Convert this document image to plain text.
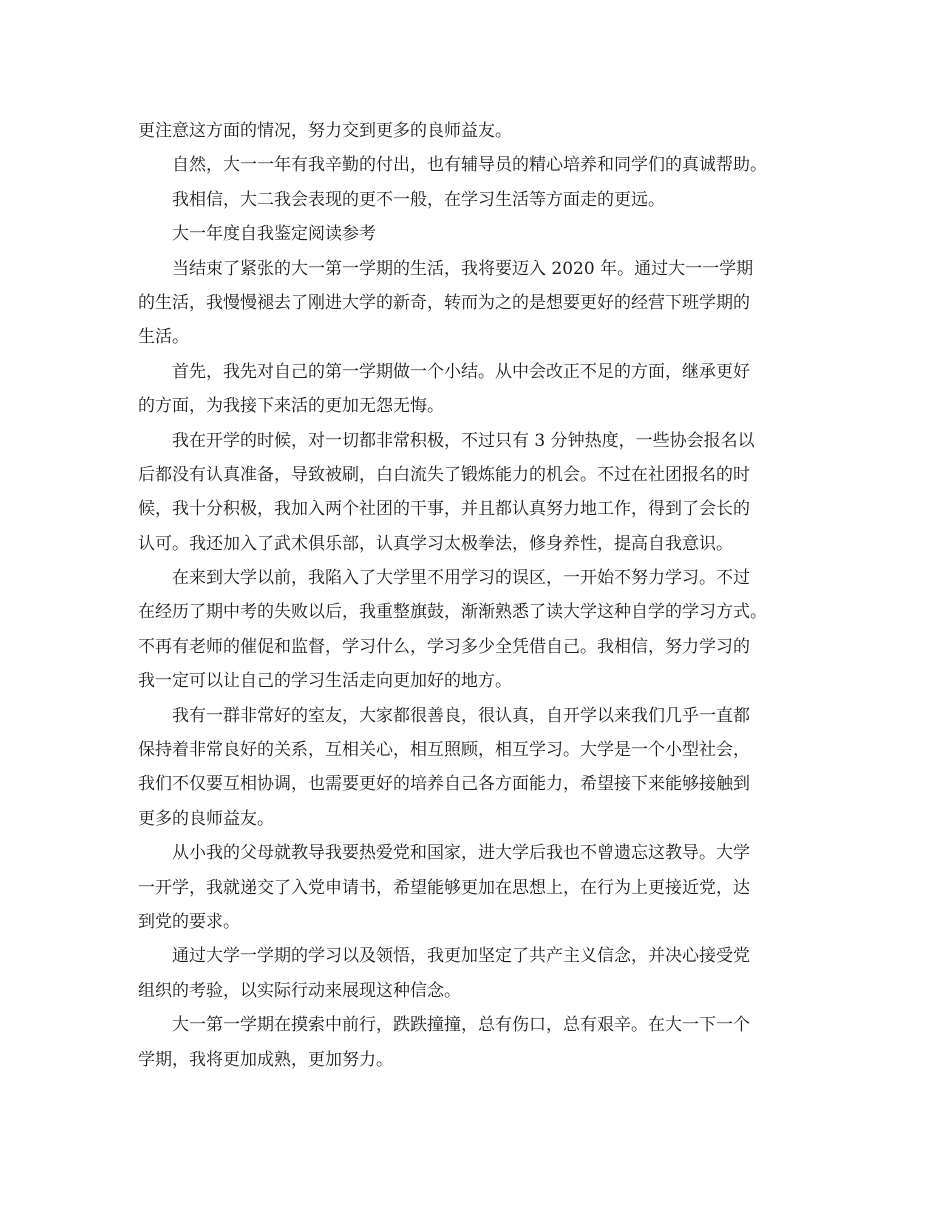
更注意这方面的情况，努力交到更多的良师益友。

自然，大一一年有我辛勤的付出，也有辅导员的精心培养和同学们的真诚帮助。

我相信，大二我会表现的更不一般，在学习生活等方面走的更远。

大一年度自我鉴定阅读参考

当结束了紧张的大一第一学期的生活，我将要迈入 2020 年。通过大一一学期

的生活，我慢慢褪去了刚进大学的新奇，转而为之的是想要更好的经营下班学期的

生活。

首先，我先对自己的第一学期做一个小结。从中会改正不足的方面，继承更好

的方面，为我接下来活的更加无怨无悔。

我在开学的时候，对一切都非常积极，不过只有 3 分钟热度，一些协会报名以

后都没有认真准备，导致被刷，白白流失了锻炼能力的机会。不过在社团报名的时

候，我十分积极，我加入两个社团的干事，并且都认真努力地工作，得到了会长的

认可。我还加入了武术俱乐部，认真学习太极拳法，修身养性，提高自我意识。

在来到大学以前，我陷入了大学里不用学习的误区，一开始不努力学习。不过

在经历了期中考的失败以后，我重整旗鼓，渐渐熟悉了读大学这种自学的学习方式。

不再有老师的催促和监督，学习什么，学习多少全凭借自己。我相信，努力学习的

我一定可以让自己的学习生活走向更加好的地方。

我有一群非常好的室友，大家都很善良，很认真，自开学以来我们几乎一直都

保持着非常良好的关系，互相关心，相互照顾，相互学习。大学是一个小型社会，

我们不仅要互相协调，也需要更好的培养自己各方面能力，希望接下来能够接触到

更多的良师益友。

从小我的父母就教导我要热爱党和国家，进大学后我也不曾遗忘这教导。大学

一开学，我就递交了入党申请书，希望能够更加在思想上，在行为上更接近党，达

到党的要求。

通过大学一学期的学习以及领悟，我更加坚定了共产主义信念，并决心接受党

组织的考验，以实际行动来展现这种信念。

大一第一学期在摸索中前行，跌跌撞撞，总有伤口，总有艰辛。在大一下一个

学期，我将更加成熟，更加努力。
